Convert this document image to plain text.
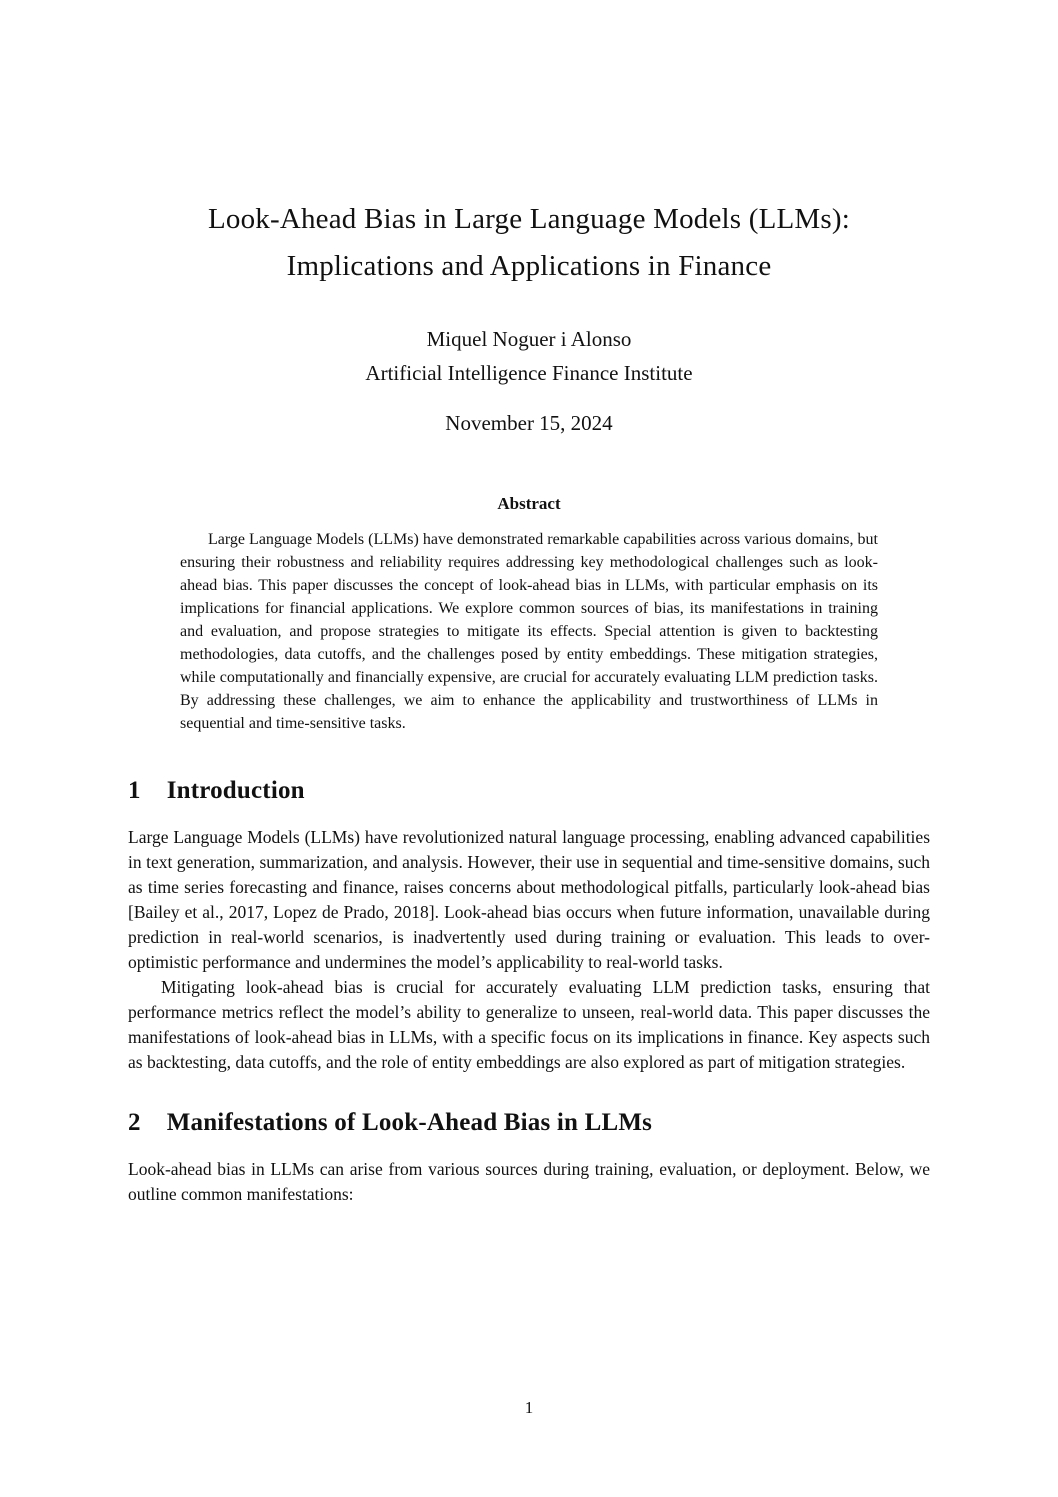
Look-Ahead Bias in Large Language Models (LLMs):
Implications and Applications in Finance
Miquel Noguer i Alonso
Artificial Intelligence Finance Institute
November 15, 2024
Abstract

Large Language Models (LLMs) have demonstrated remarkable capabilities across various domains, but ensuring their robustness and reliability requires addressing key methodological challenges such as look-ahead bias. This paper discusses the concept of look-ahead bias in LLMs, with particular emphasis on its implications for financial applications. We explore common sources of bias, its manifestations in training and evaluation, and propose strategies to mitigate its effects. Special attention is given to backtesting methodologies, data cutoffs, and the challenges posed by entity embeddings. These mitigation strategies, while computationally and financially expensive, are crucial for accurately evaluating LLM prediction tasks. By addressing these challenges, we aim to enhance the applicability and trustworthiness of LLMs in sequential and time-sensitive tasks.

1 Introduction

Large Language Models (LLMs) have revolutionized natural language processing, enabling advanced capabilities in text generation, summarization, and analysis. However, their use in sequential and time-sensitive domains, such as time series forecasting and finance, raises concerns about methodological pitfalls, particularly look-ahead bias [Bailey et al., 2017, Lopez de Prado, 2018]. Look-ahead bias occurs when future information, unavailable during prediction in real-world scenarios, is inadvertently used during training or evaluation. This leads to over-optimistic performance and undermines the model’s applicability to real-world tasks.

Mitigating look-ahead bias is crucial for accurately evaluating LLM prediction tasks, ensuring that performance metrics reflect the model’s ability to generalize to unseen, real-world data. This paper discusses the manifestations of look-ahead bias in LLMs, with a specific focus on its implications in finance. Key aspects such as backtesting, data cutoffs, and the role of entity embeddings are also explored as part of mitigation strategies.

2 Manifestations of Look-Ahead Bias in LLMs

Look-ahead bias in LLMs can arise from various sources during training, evaluation, or deployment. Below, we outline common manifestations:

1
